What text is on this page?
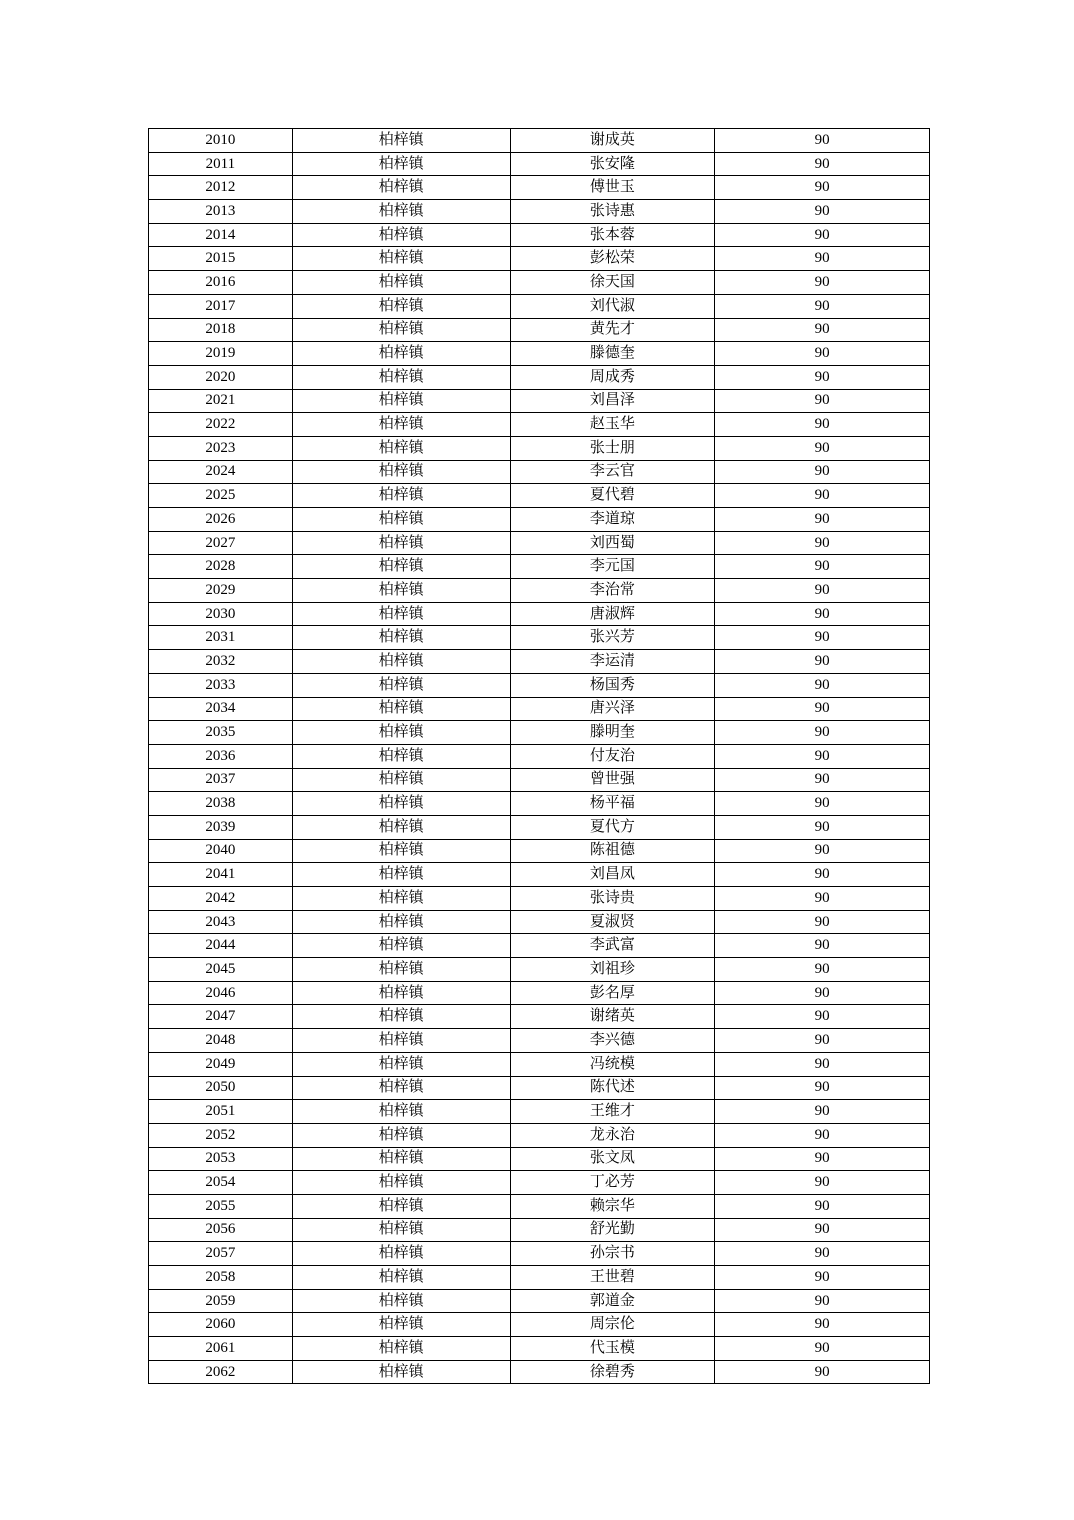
2010	柏梓镇	谢成英	90
2011	柏梓镇	张安隆	90
2012	柏梓镇	傅世玉	90
2013	柏梓镇	张诗惠	90
2014	柏梓镇	张本蓉	90
2015	柏梓镇	彭松荣	90
2016	柏梓镇	徐天国	90
2017	柏梓镇	刘代淑	90
2018	柏梓镇	黄先才	90
2019	柏梓镇	滕德奎	90
2020	柏梓镇	周成秀	90
2021	柏梓镇	刘昌泽	90
2022	柏梓镇	赵玉华	90
2023	柏梓镇	张士朋	90
2024	柏梓镇	李云官	90
2025	柏梓镇	夏代碧	90
2026	柏梓镇	李道琼	90
2027	柏梓镇	刘西蜀	90
2028	柏梓镇	李元国	90
2029	柏梓镇	李治常	90
2030	柏梓镇	唐淑辉	90
2031	柏梓镇	张兴芳	90
2032	柏梓镇	李运清	90
2033	柏梓镇	杨国秀	90
2034	柏梓镇	唐兴泽	90
2035	柏梓镇	滕明奎	90
2036	柏梓镇	付友治	90
2037	柏梓镇	曾世强	90
2038	柏梓镇	杨平福	90
2039	柏梓镇	夏代方	90
2040	柏梓镇	陈祖德	90
2041	柏梓镇	刘昌凤	90
2042	柏梓镇	张诗贵	90
2043	柏梓镇	夏淑贤	90
2044	柏梓镇	李武富	90
2045	柏梓镇	刘祖珍	90
2046	柏梓镇	彭名厚	90
2047	柏梓镇	谢绪英	90
2048	柏梓镇	李兴德	90
2049	柏梓镇	冯统模	90
2050	柏梓镇	陈代述	90
2051	柏梓镇	王维才	90
2052	柏梓镇	龙永治	90
2053	柏梓镇	张文凤	90
2054	柏梓镇	丁必芳	90
2055	柏梓镇	赖宗华	90
2056	柏梓镇	舒光勤	90
2057	柏梓镇	孙宗书	90
2058	柏梓镇	王世碧	90
2059	柏梓镇	郭道金	90
2060	柏梓镇	周宗伦	90
2061	柏梓镇	代玉模	90
2062	柏梓镇	徐碧秀	90
